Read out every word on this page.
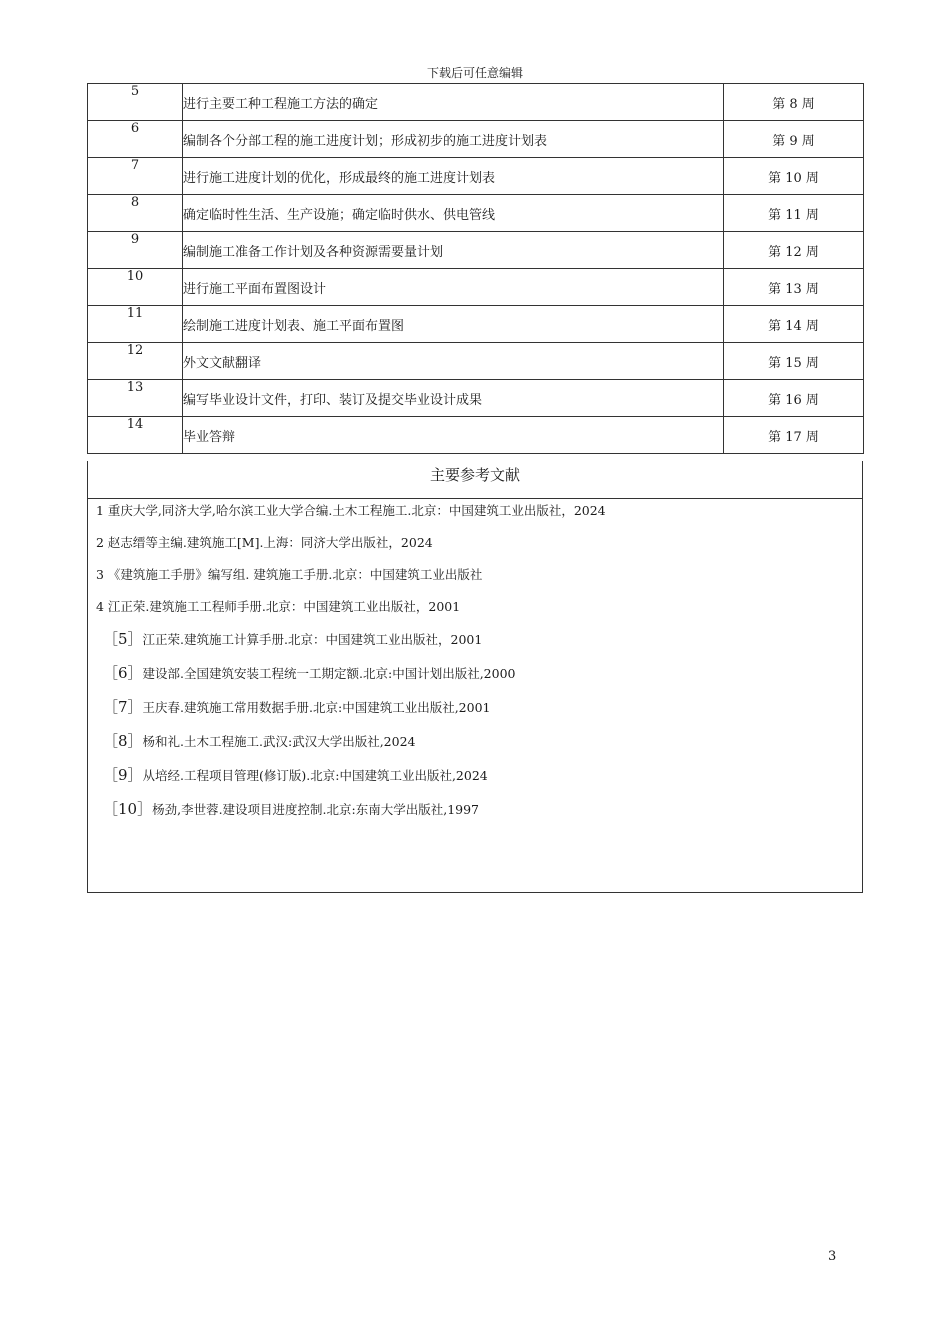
下载后可任意编辑
5	进行主要工种工程施工方法的确定	第 8 周
6	编制各个分部工程的施工进度计划；形成初步的施工进度计划表	第 9 周
7	进行施工进度计划的优化，形成最终的施工进度计划表	第 10 周
8	确定临时性生活、生产设施；确定临时供水、供电管线	第 11 周
9	编制施工准备工作计划及各种资源需要量计划	第 12 周
10	进行施工平面布置图设计	第 13 周
11	绘制施工进度计划表、施工平面布置图	第 14 周
12	外文文献翻译	第 15 周
13	编写毕业设计文件，打印、装订及提交毕业设计成果	第 16 周
14	毕业答辩	第 17 周
主要参考文献
1 重庆大学,同济大学,哈尔滨工业大学合编.土木工程施工.北京：中国建筑工业出版社，2024
2 赵志缙等主编.建筑施工[M].上海：同济大学出版社，2024
3 《建筑施工手册》编写组. 建筑施工手册.北京：中国建筑工业出版社
4 江正荣.建筑施工工程师手册.北京：中国建筑工业出版社，2001
［5］江正荣.建筑施工计算手册.北京：中国建筑工业出版社，2001
［6］建设部.全国建筑安装工程统一工期定额.北京:中国计划出版社,2000
［7］王庆春.建筑施工常用数据手册.北京:中国建筑工业出版社,2001
［8］杨和礼.土木工程施工.武汉:武汉大学出版社,2024
［9］从培经.工程项目管理(修订版).北京:中国建筑工业出版社,2024
［10］杨劲,李世蓉.建设项目进度控制.北京:东南大学出版社,1997
3
